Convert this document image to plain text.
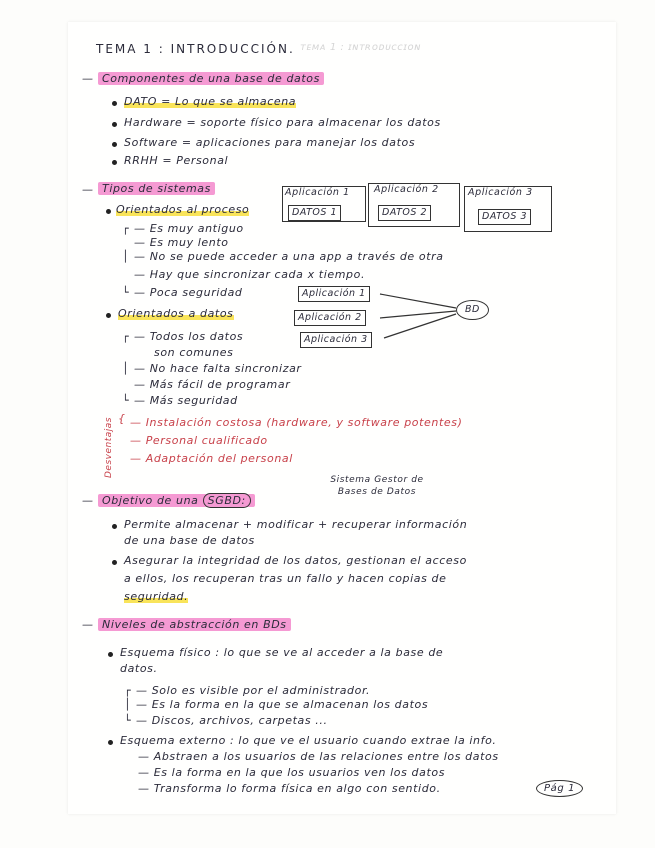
ᴛᴇᴍᴀ 1 : ɪɴᴛʀᴏᴅᴜᴄᴄɪᴏɴ
TEMA 1 : INTRODUCCIÓN.
— Componentes de una base de datos
DATO = Lo que se almacena
Hardware = soporte físico para almacenar los datos
Software = aplicaciones para manejar los datos
RRHH = Personal
— Tipos de sistemas
Orientados al proceso
Aplicación 1
DATOS 1
Aplicación 2
DATOS 2
Aplicación 3
DATOS 3
┌ — Es muy antiguo
— Es muy lento
│ — No se puede acceder a una app a través de otra
— Hay que sincronizar cada x tiempo.
└ — Poca seguridad
Orientados a datos
Aplicación 1
Aplicación 2
Aplicación 3
BD
┌ — Todos los datos
son comunes
│ — No hace falta sincronizar
— Más fácil de programar
└ — Más seguridad
Desventajas { — Instalación costosa (hardware, y software potentes)
— Personal cualificado
— Adaptación del personal
Sistema Gestor de Bases de Datos
— Objetivo de una SGBD:
Permite almacenar + modificar + recuperar información
de una base de datos
Asegurar la integridad de los datos, gestionan el acceso
a ellos, los recuperan tras un fallo y hacen copias de
seguridad.
— Niveles de abstracción en BDs
Esquema físico : lo que se ve al acceder a la base de
datos.
┌ — Solo es visible por el administrador.
│ — Es la forma en la que se almacenan los datos
└ — Discos, archivos, carpetas ...
Esquema externo : lo que ve el usuario cuando extrae la info.
— Abstraen a los usuarios de las relaciones entre los datos
— Es la forma en la que los usuarios ven los datos
— Transforma lo forma física en algo con sentido.	Pág 1
